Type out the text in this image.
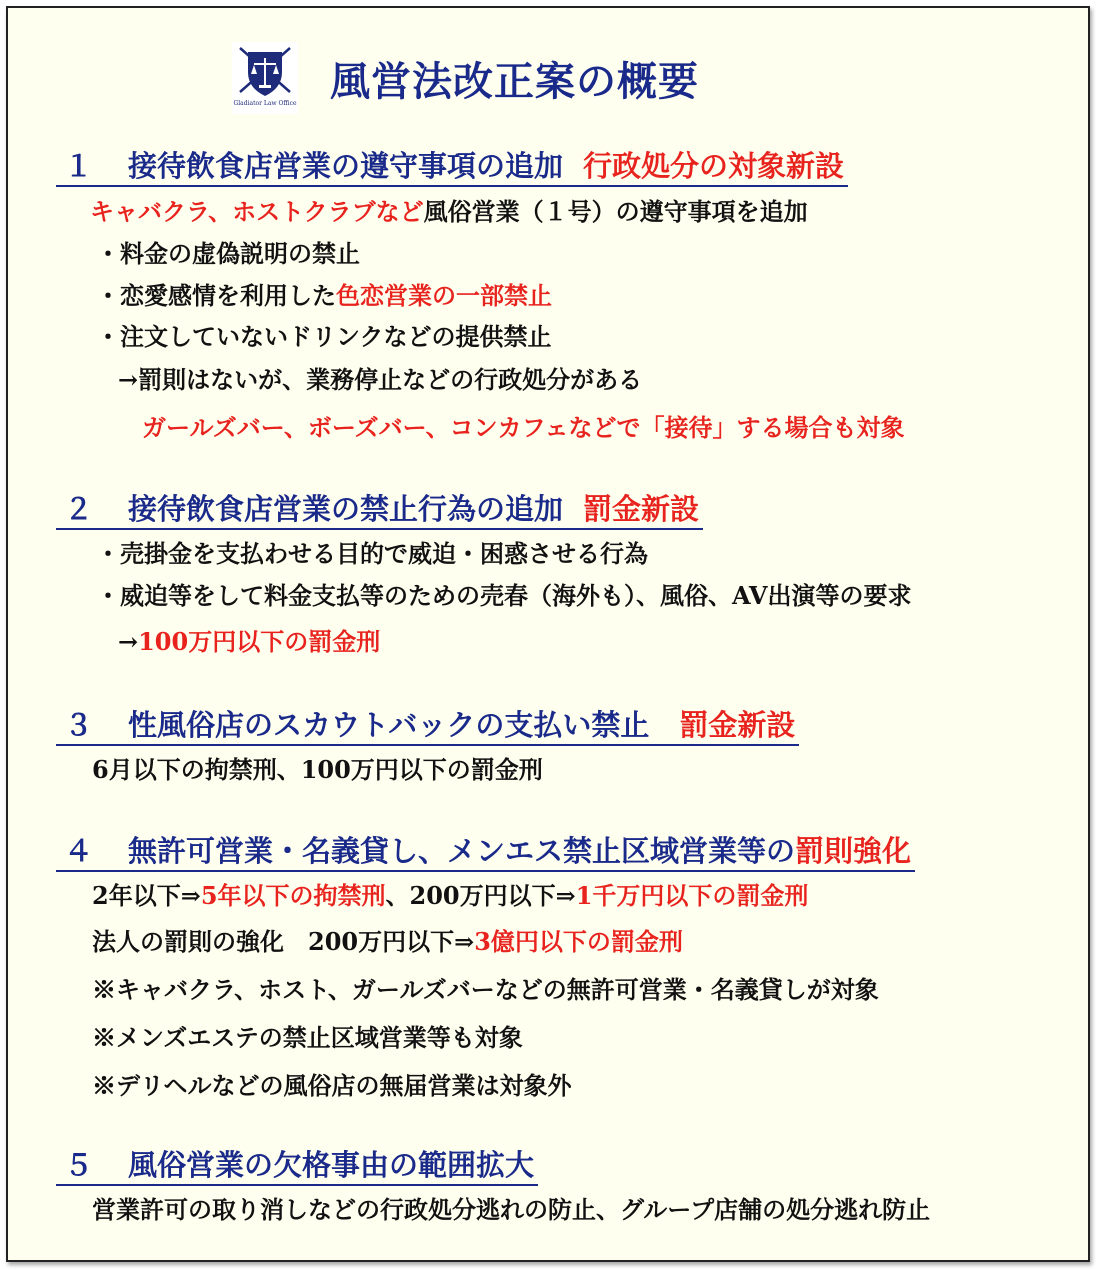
Gladiator Law Office 風営法改正案の概要
１ 接待飲食店営業の遵守事項の追加 行政処分の対象新設
キャバクラ、ホストクラブなど風俗営業（１号）の遵守事項を追加
・料金の虚偽説明の禁止
・恋愛感情を利用した色恋営業の一部禁止
・注文していないドリンクなどの提供禁止
→罰則はないが、業務停止などの行政処分がある
ガールズバー、ボーズバー、コンカフェなどで「接待」する場合も対象
２ 接待飲食店営業の禁止行為の追加 罰金新設
・売掛金を支払わせる目的で威迫・困惑させる行為
・威迫等をして料金支払等のための売春（海外も）、風俗、AV出演等の要求
→100万円以下の罰金刑
３ 性風俗店のスカウトバックの支払い禁止 罰金新設
6月以下の拘禁刑、100万円以下の罰金刑
４ 無許可営業・名義貸し、メンエス禁止区域営業等の罰則強化
2年以下⇒5年以下の拘禁刑、200万円以下⇒1千万円以下の罰金刑
法人の罰則の強化　200万円以下⇒3億円以下の罰金刑
※キャバクラ、ホスト、ガールズバーなどの無許可営業・名義貸しが対象
※メンズエステの禁止区域営業等も対象
※デリヘルなどの風俗店の無届営業は対象外
５ 風俗営業の欠格事由の範囲拡大
営業許可の取り消しなどの行政処分逃れの防止、グループ店舗の処分逃れ防止
